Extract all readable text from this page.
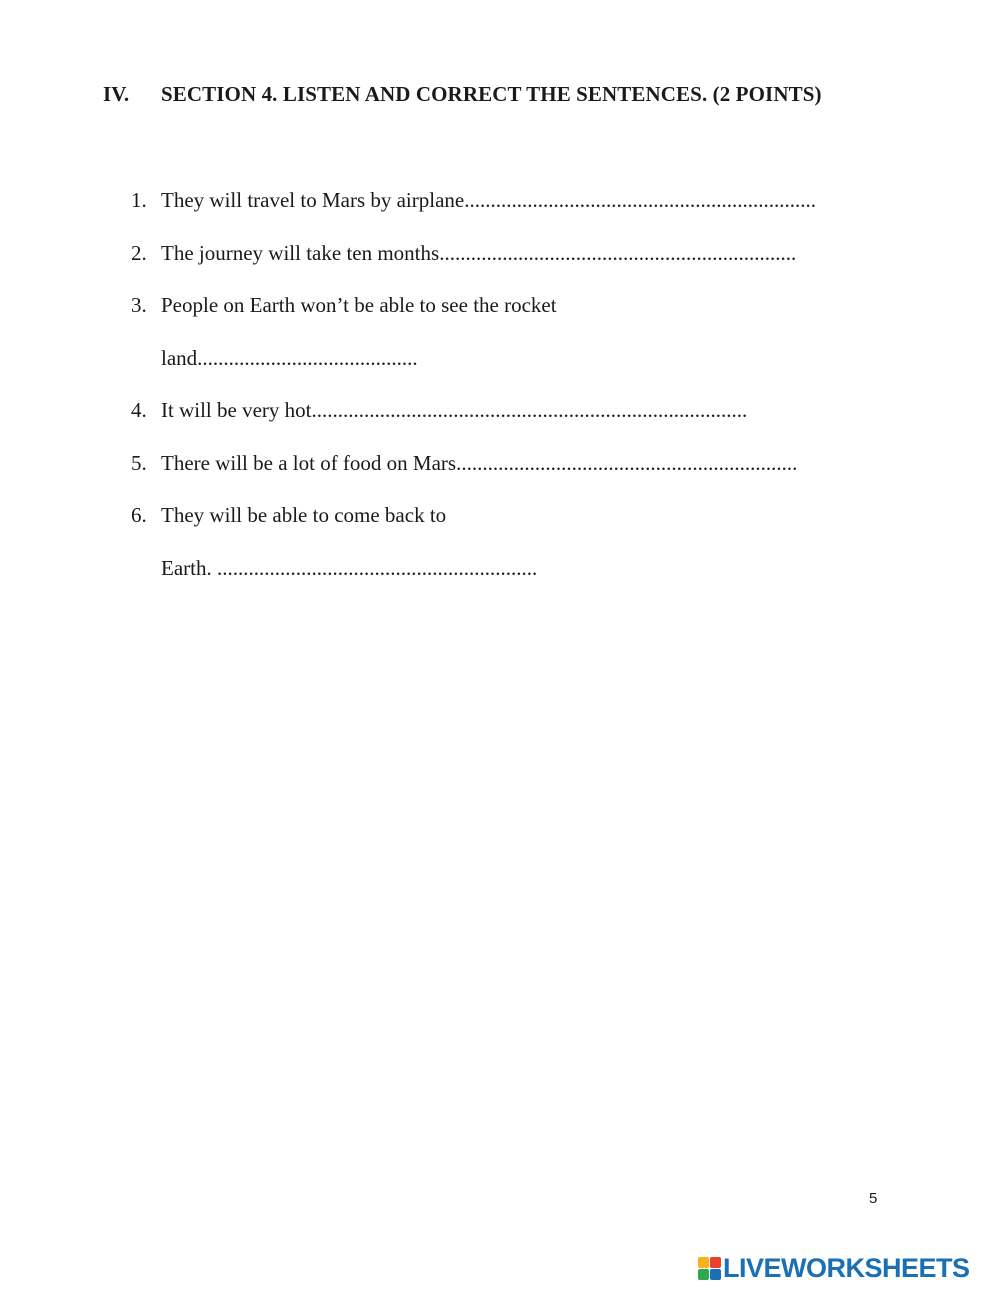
IV. SECTION 4. LISTEN AND CORRECT THE SENTENCES. (2 POINTS)
1. They will travel to Mars by airplane...................................................................
2. The journey will take ten months....................................................................
3. People on Earth won’t be able to see the rocket
land..........................................
4. It will be very hot...................................................................................
5. There will be a lot of food on Mars.................................................................
6. They will be able to come back to
Earth. .............................................................
5
LIVEWORKSHEETS
